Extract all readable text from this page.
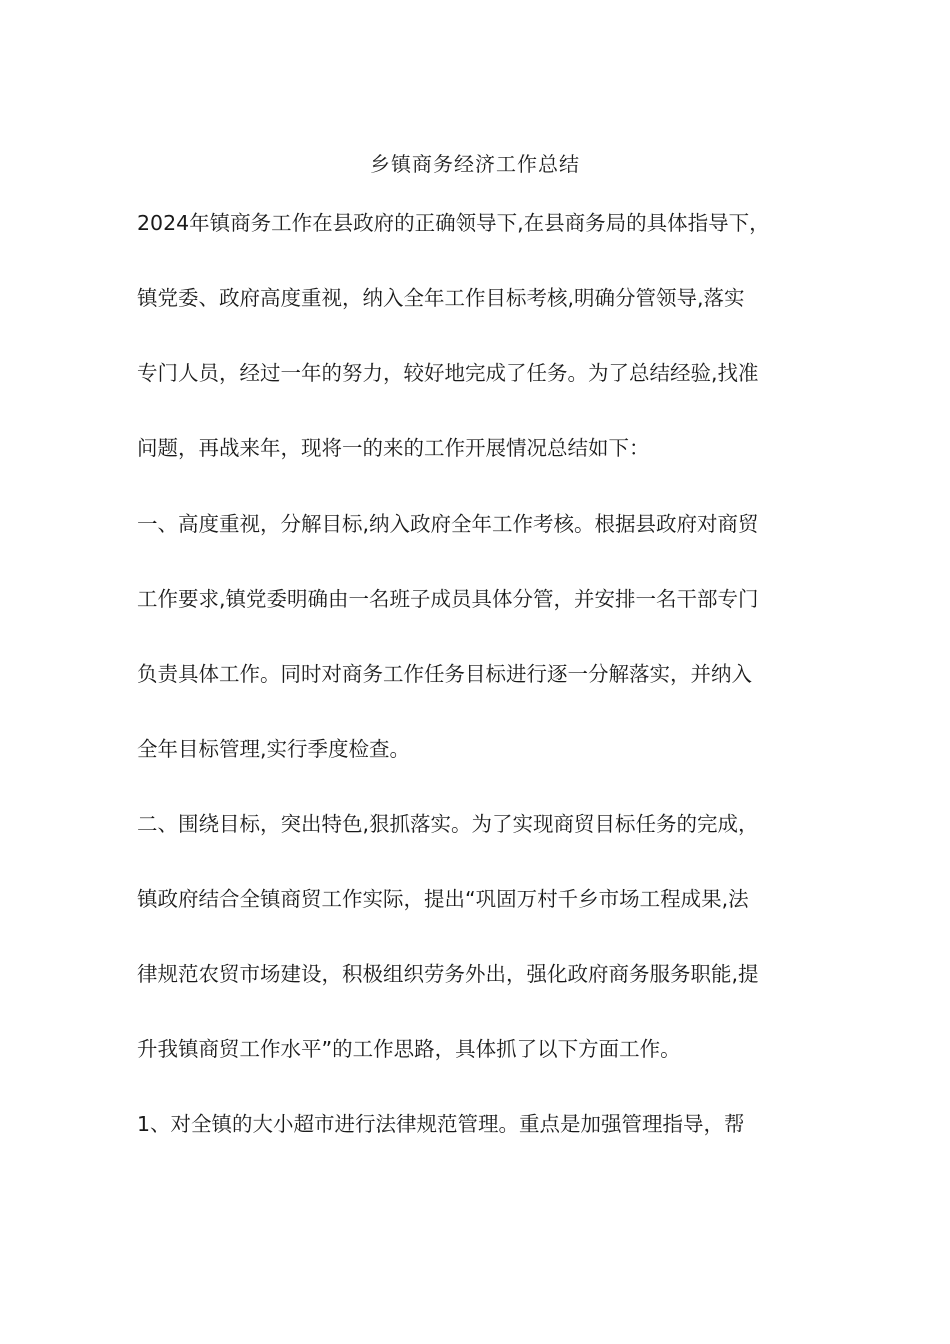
乡镇商务经济工作总结
2024年镇商务工作在县政府的正确领导下,在县商务局的具体指导下，
镇党委、政府高度重视，纳入全年工作目标考核,明确分管领导,落实
专门人员，经过一年的努力，较好地完成了任务。为了总结经验,找准
问题，再战来年，现将一的来的工作开展情况总结如下：
一、高度重视，分解目标,纳入政府全年工作考核。根据县政府对商贸
工作要求,镇党委明确由一名班子成员具体分管，并安排一名干部专门
负责具体工作。同时对商务工作任务目标进行逐一分解落实，并纳入
全年目标管理,实行季度检查。
二、围绕目标，突出特色,狠抓落实。为了实现商贸目标任务的完成，
镇政府结合全镇商贸工作实际，提出“巩固万村千乡市场工程成果,法
律规范农贸市场建设，积极组织劳务外出，强化政府商务服务职能,提
升我镇商贸工作水平”的工作思路，具体抓了以下方面工作。
1、对全镇的大小超市进行法律规范管理。重点是加强管理指导，帮
